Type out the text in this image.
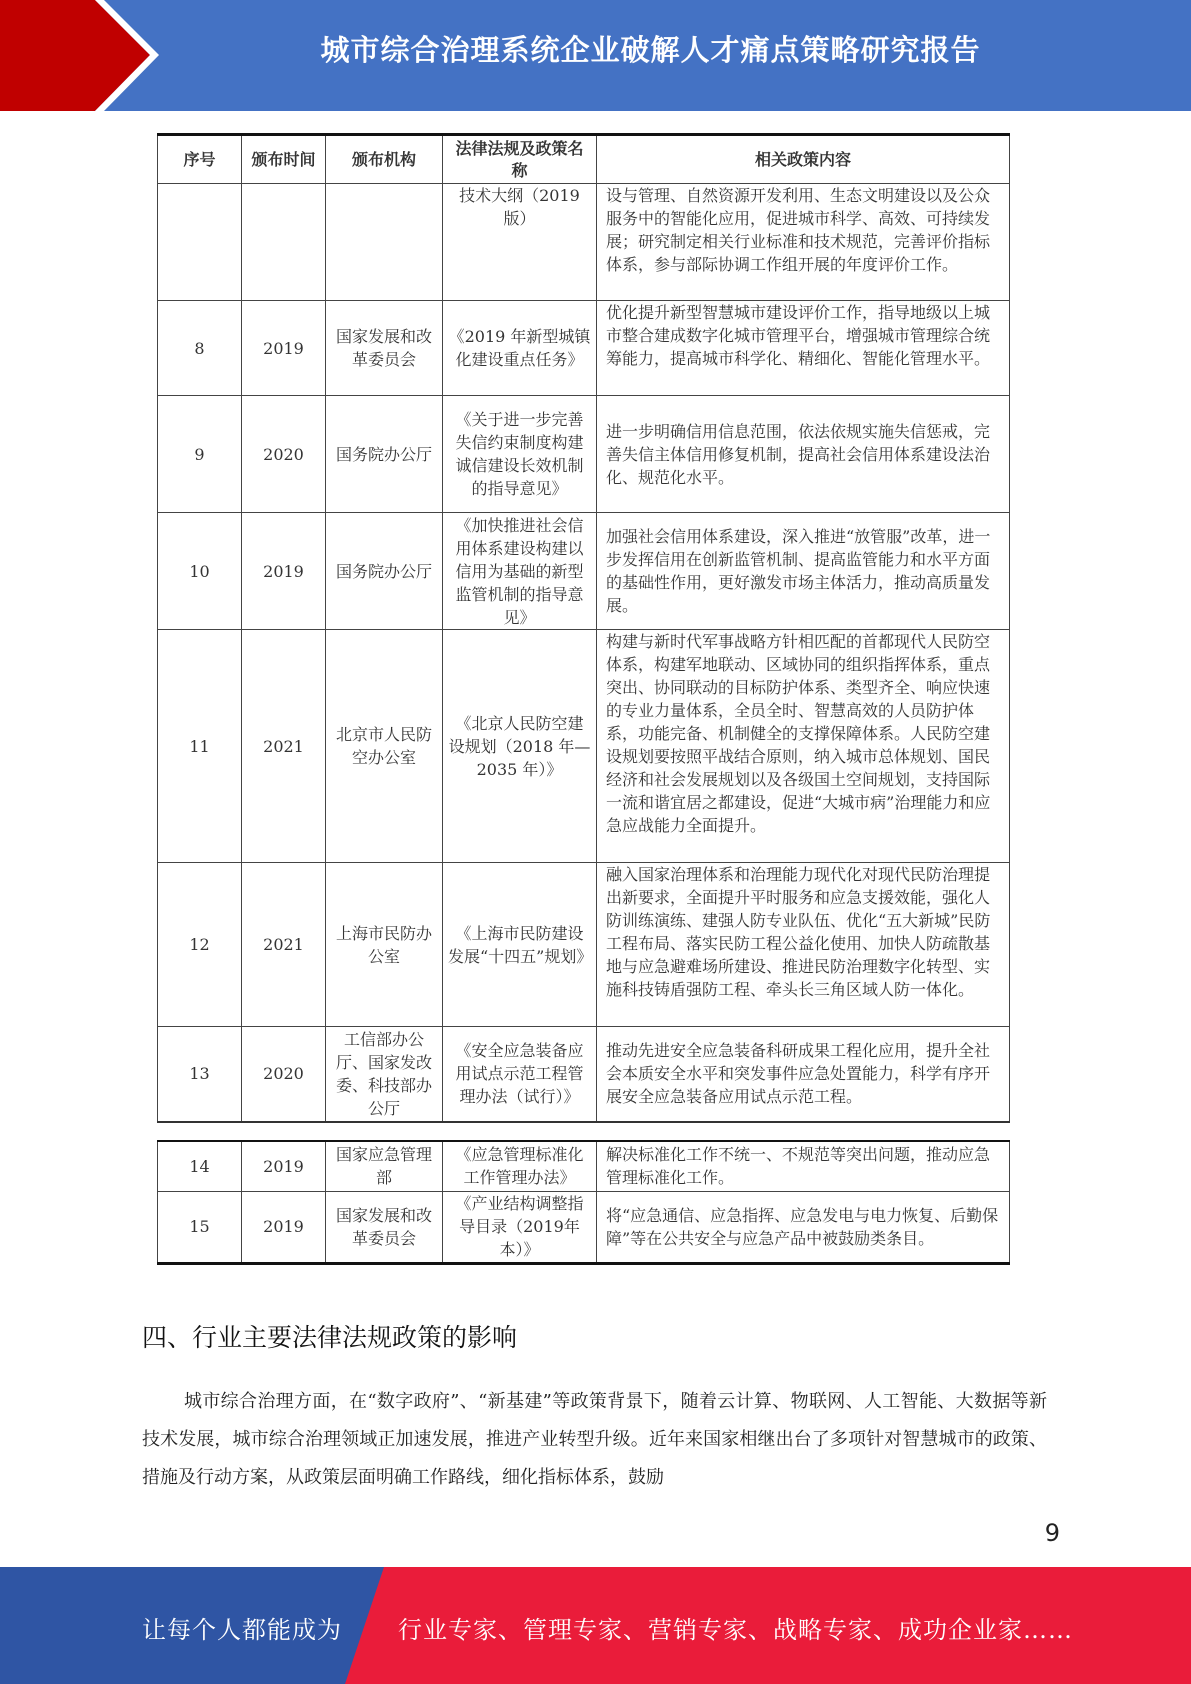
城市综合治理系统企业破解人才痛点策略研究报告
序号	颁布时间	颁布机构	法律法规及政策名称	相关政策内容
			技术大纲（2019版）	设与管理、自然资源开发利用、生态文明建设以及公众服务中的智能化应用，促进城市科学、高效、可持续发展；研究制定相关行业标准和技术规范，完善评价指标体系，参与部际协调工作组开展的年度评价工作。
8	2019	国家发展和改革委员会	《2019 年新型城镇化建设重点任务》	优化提升新型智慧城市建设评价工作，指导地级以上城市整合建成数字化城市管理平台，增强城市管理综合统筹能力，提高城市科学化、精细化、智能化管理水平。
9	2020	国务院办公厅	《关于进一步完善失信约束制度构建诚信建设长效机制的指导意见》	进一步明确信用信息范围，依法依规实施失信惩戒，完善失信主体信用修复机制，提高社会信用体系建设法治化、规范化水平。
10	2019	国务院办公厅	《加快推进社会信用体系建设构建以信用为基础的新型监管机制的指导意见》	加强社会信用体系建设，深入推进“放管服”改革，进一步发挥信用在创新监管机制、提高监管能力和水平方面的基础性作用，更好激发市场主体活力，推动高质量发展。
11	2021	北京市人民防空办公室	《北京人民防空建设规划（2018 年—2035 年）》	构建与新时代军事战略方针相匹配的首都现代人民防空体系，构建军地联动、区域协同的组织指挥体系，重点突出、协同联动的目标防护体系、类型齐全、响应快速的专业力量体系，全员全时、智慧高效的人员防护体系，功能完备、机制健全的支撑保障体系。人民防空建设规划要按照平战结合原则，纳入城市总体规划、国民经济和社会发展规划以及各级国土空间规划，支持国际一流和谐宜居之都建设，促进“大城市病”治理能力和应急应战能力全面提升。
12	2021	上海市民防办公室	《上海市民防建设发展“十四五”规划》	融入国家治理体系和治理能力现代化对现代民防治理提出新要求，全面提升平时服务和应急支援效能，强化人防训练演练、建强人防专业队伍、优化“五大新城”民防工程布局、落实民防工程公益化使用、加快人防疏散基地与应急避难场所建设、推进民防治理数字化转型、实施科技铸盾强防工程、牵头长三角区域人防一体化。
13	2020	工信部办公厅、国家发改委、科技部办公厅	《安全应急装备应用试点示范工程管理办法（试行）》	推动先进安全应急装备科研成果工程化应用，提升全社会本质安全水平和突发事件应急处置能力，科学有序开展安全应急装备应用试点示范工程。
14	2019	国家应急管理部	《应急管理标准化工作管理办法》	解决标准化工作不统一、不规范等突出问题，推动应急管理标准化工作。
15	2019	国家发展和改革委员会	《产业结构调整指导目录（2019年本）》	将“应急通信、应急指挥、应急发电与电力恢复、后勤保障”等在公共安全与应急产品中被鼓励类条目。
四、行业主要法律法规政策的影响

城市综合治理方面，在“数字政府”、“新基建”等政策背景下，随着云计算、物联网、人工智能、大数据等新技术发展，城市综合治理领域正加速发展，推进产业转型升级。近年来国家相继出台了多项针对智慧城市的政策、措施及行动方案，从政策层面明确工作路线，细化指标体系，鼓励

9
让每个人都能成为 行业专家、管理专家、营销专家、战略专家、成功企业家……
